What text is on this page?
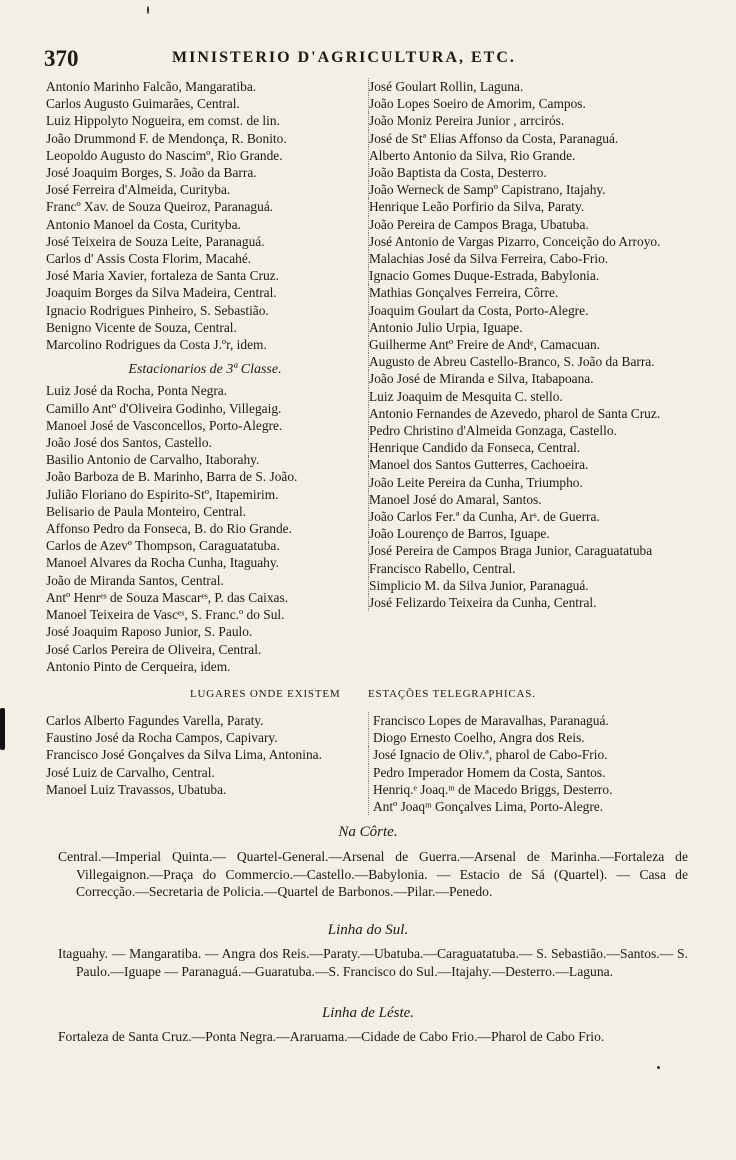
370	MINISTERIO D'AGRICULTURA, ETC.
Antonio Marinho Falcão, Mangaratiba.
Carlos Augusto Guimarães, Central.
Luiz Hippolyto Nogueira, em comst. de lin.
João Drummond F. de Mendonça, R. Bonito.
Leopoldo Augusto do Nascimº, Rio Grande.
José Joaquim Borges, S. João da Barra.
José Ferreira d'Almeida, Curityba.
Francº Xav. de Souza Queiroz, Paranaguá.
Antonio Manoel da Costa, Curityba.
José Teixeira de Souza Leite, Paranaguá.
Carlos d' Assis Costa Florim, Macahé.
José Maria Xavier, fortaleza de Santa Cruz.
Joaquim Borges da Silva Madeira, Central.
Ignacio Rodrigues Pinheiro, S. Sebastião.
Benigno Vicente de Souza, Central.
Marcolino Rodrigues da Costa J.ºr, idem.
Estacionarios de 3ª Classe.
Luiz José da Rocha, Ponta Negra.
Camillo Antº d'Oliveira Godinho, Villegaig.
Manoel José de Vasconcellos, Porto-Alegre.
João José dos Santos, Castello.
Basilio Antonio de Carvalho, Itaborahy.
João Barboza de B. Marinho, Barra de S. João.
Julião Floriano do Espirito-Stº, Itapemirim.
Belisario de Paula Monteiro, Central.
Affonso Pedro da Fonseca, B. do Rio Grande.
Carlos de Azevº Thompson, Caraguatatuba.
Manoel Alvares da Rocha Cunha, Itaguahy.
João de Miranda Santos, Central.
Antº Henrᵉˢ de Souza Mascarᵉˢ, P. das Caixas.
Manoel Teixeira de Vascᵉˢ, S. Franc.º do Sul.
José Joaquim Raposo Junior, S. Paulo.
José Carlos Pereira de Oliveira, Central.
Antonio Pinto de Cerqueira, idem.
José Goulart Rollin, Laguna.
João Lopes Soeiro de Amorim, Campos.
João Moniz Pereira Junior , arrcirós.
José de Stª Elias Affonso da Costa, Paranaguá.
Alberto Antonio da Silva, Rio Grande.
João Baptista da Costa, Desterro.
João Werneck de Sampº Capistrano, Itajahy.
Henrique Leão Porfirio da Silva, Paraty.
João Pereira de Campos Braga, Ubatuba.
José Antonio de Vargas Pizarro, Conceição do Arroyo.
Malachias José da Silva Ferreira, Cabo-Frio.
Ignacio Gomes Duque-Estrada, Babylonia.
Mathias Gonçalves Ferreira, Côrre.
Joaquim Goulart da Costa, Porto-Alegre.
Antonio Julio Urpia, Iguape.
Guilherme Antº Freire de Andᵉ, Camacuan.
Augusto de Abreu Castello-Branco, S. João da Barra.
João José de Miranda e Silva, Itabapoana.
Luiz Joaquim de Mesquita C. stello.
Antonio Fernandes de Azevedo, pharol de Santa Cruz.
Pedro Christino d'Almeida Gonzaga, Castello.
Henrique Candido da Fonseca, Central.
Manoel dos Santos Gutterres, Cachoeira.
João Leite Pereira da Cunha, Triumpho.
Manoel José do Amaral, Santos.
João Carlos Fer.ª da Cunha, Arˢ. de Guerra.
João Lourenço de Barros, Iguape.
José Pereira de Campos Braga Junior, Caraguatatuba
Francisco Rabello, Central.
Simplicio M. da Silva Junior, Paranaguá.
José Felizardo Teixeira da Cunha, Central.
LUGARES ONDE EXISTEM	ESTAÇÕES TELEGRAPHICAS.
Carlos Alberto Fagundes Varella, Paraty.
Faustino José da Rocha Campos, Capivary.
Francisco José Gonçalves da Silva Lima, Antonina.
José Luiz de Carvalho, Central.
Manoel Luiz Travassos, Ubatuba.
Francisco Lopes de Maravalhas, Paranaguá.
Diogo Ernesto Coelho, Angra dos Reis.
José Ignacio de Oliv.ª, pharol de Cabo-Frio.
Pedro Imperador Homem da Costa, Santos.
Henriq.ᵉ Joaq.ᵐ de Macedo Briggs, Desterro.
Antº Joaqᵐ Gonçalves Lima, Porto-Alegre.
Na Côrte.
Central.—Imperial Quinta.— Quartel-General.—Arsenal de Guerra.—Arsenal de Marinha.—Fortaleza de Villegaignon.—Praça do Commercio.—Castello.—Babylonia. — Estacio de Sá (Quartel). — Casa de Correcção.—Secretaria de Policia.—Quartel de Barbonos.—Pilar.—Penedo.
Linha do Sul.
Itaguahy. — Mangaratiba. — Angra dos Reis.—Paraty.—Ubatuba.—Caraguatatuba.— S. Sebastião.—Santos.— S. Paulo.—Iguape — Paranaguá.—Guaratuba.—S. Francisco do Sul.—Itajahy.—Desterro.—Laguna.
Linha de Léste.
Fortaleza de Santa Cruz.—Ponta Negra.—Araruama.—Cidade de Cabo Frio.—Pharol de Cabo Frio.
